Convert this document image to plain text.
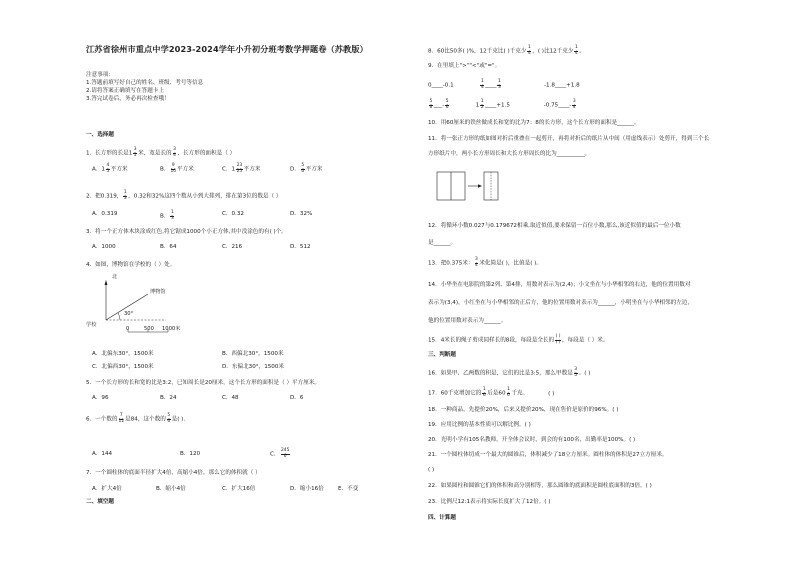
江苏省徐州市重点中学2023-2024学年小升初分班考数学押题卷（苏教版）
注意事项：
1.答题前填写好自己的姓名、班级、考号等信息
2.请将答案正确填写在答题卡上
3.答完试卷后，务必再次检查哦！
一、选择题
1．长方形的长是$1 \frac{3}{5}$ 米，宽是长的 $\frac{3}{4}$ ，长方形的面积是（ ）
A．$1 \frac{4}{5}$ 平方米	B． $\frac{9}{10}$ 平方米	C．$1 \frac{23}{25}$ 平方米	D． $\frac{5}{6}$ 平方米
2．把0.319， $\frac{1}{3}$ ，0.32和32%这四个数从小到大排列，排在第3位的数是（ ）
A．0.319	B． $\frac{1}{3}$	C．0.32	D．32%
3．将一个正方体木块涂成红色,将它锯成1000个小正方体,其中没涂色的有( )个。
A．1000	B．64	C．216	D．512
4．如图，博物馆在学校的（ ）处。
北
博物馆
学校
30°
0	500 1000米
A．北偏东30°，1500米	B．西偏北30°，1500米
C．北偏西30°，1500米	D．东偏北30°，1500米
5．一个长方形的长和宽的比是3:2，已知周长是20厘米，这个长方形的面积是（ ）平方厘米。
A．96	B．24	C．48	D．6
6．一个数的 $\frac{7}{12}$ 是84，这个数的 $\frac{5}{6}$ 是( ).
A．144	B．120	C． $\frac{245}{6}$
7．一个圆柱体的底面半径扩大4倍，高缩小4倍，那么它的体积就（ ）
A．扩大4倍	B．缩小4倍	C．扩大16倍	D．缩小16倍	E．不变
二、填空题
8．60比50多( )%，12千克比( )千克少 $\frac{1}{4}$ ，( )比12千克少 $\frac{1}{4}$ 。
9．在里填上">""<"或"="。
0____-0.1	$\frac{1}{4}$ ____ $\frac{1}{3}$	-1.8____+1.8
$\frac{5}{6}$ ___- $\frac{5}{6}$	$1 \frac{1}{2}$ ____+1.5	-0.75____- $\frac{3}{4}$
10．用60厘米的铁丝做成长和宽的比为7：8的长方形，这个长方形的面积是______。
11．将一张正方形的纸如图对折后重叠在一起剪开，再将对折后的纸片从中间（用虚线表示）处剪开，得到三个长
方形纸片中，两小长方形周长和大长方形周长的比为__________。
12．将循环小数0.027与0.179672相乘,取近似值,要求保留一百位小数,那么,该近似值的最后一位小数
是______。
13．把0.375米： $\frac{3}{4}$ 米化简是( )，比值是( )。
14．小华坐在电影院的第2列、第4排，用数对表示为(2,4)；小文坐在与小华相邻的右边，他的位置用数对
表示为(3,4)，小红坐在与小华相邻的正后方，他的位置用数对表示为______，小明坐在与小华相邻的左边，
他的位置用数对表示为______。
15．4米长的绳子剪成同样长的8段，每段是全长的 $\frac{( )}{( )}$ ，每段是（ ）米。
三、判断题
16．如果甲、乙两数的积是，它们的比是3:5，那么甲数是 $\frac{3}{5}$ 。( )
17．60千克增加它的 $\frac{1}{6}$ 后是$60 \frac{1}{6}$ 千克。	( )
18．一种商品，先提价20%，后来又提价20%，现在售价是原价的96%。( )
19．应用比例的基本性质可以解比例。( )
20．光明小学有105名教师，开全体会议时，到会的有100名，出勤率是100%。( )
21．一个圆柱体切成一个最大的圆锥后，体积减少了18立方厘米。圆柱体的体积是27立方厘米。
( )
22．如果圆柱和圆锥它们的体积和高分别相等，那么圆锥的底面积是圆柱底面积的3倍。( )
23．比例尺12:1表示将实际长度扩大了12倍。( )
四、计算题
